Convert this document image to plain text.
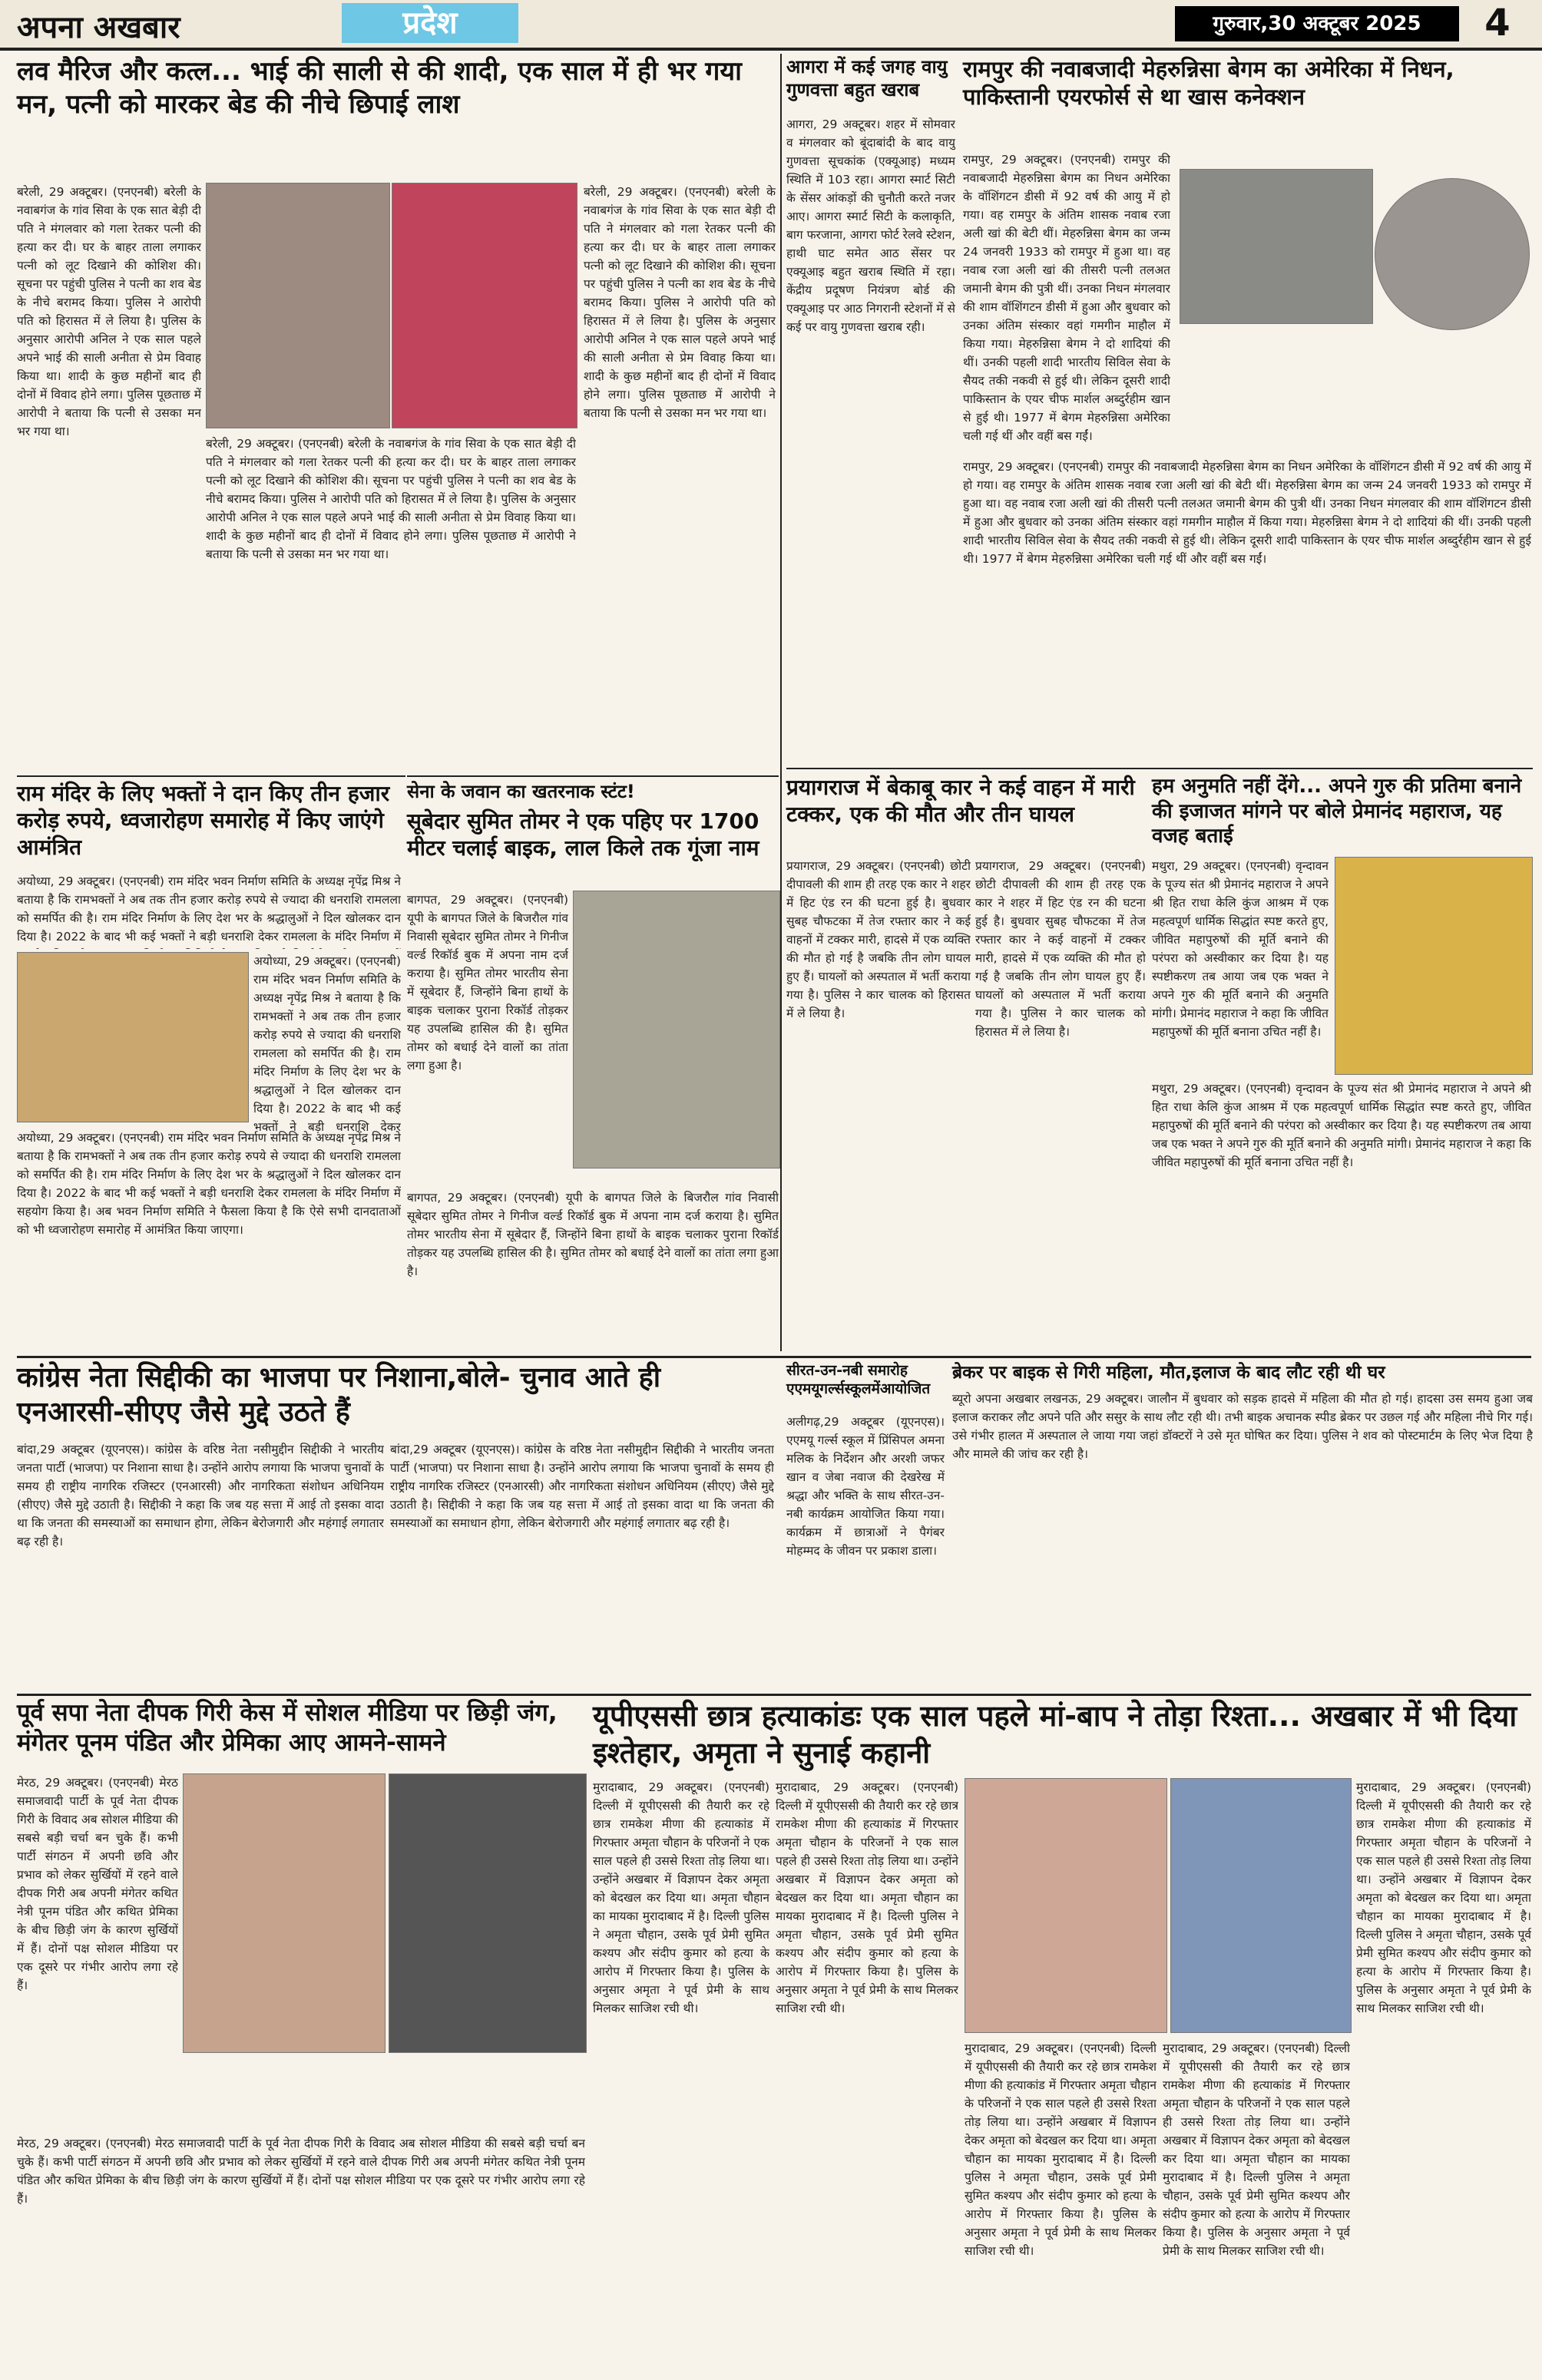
अपना अखबार	प्रदेश	गुरुवार,30 अक्टूबर 2025	4
लव मैरिज और कत्ल... भाई की साली से की शादी, एक साल में ही भर गया मन, पत्नी को मारकर बेड की नीचे छिपाई लाश
बरेली, 29 अक्टूबर। (एनएनबी) बरेली के नवाबगंज के गांव सिवा के एक सात बेड़ी दी पति ने मंगलवार को गला रेतकर पत्नी की हत्या कर दी। घर के बाहर ताला लगाकर पत्नी को लूट दिखाने की कोशिश की। सूचना पर पहुंची पुलिस ने पत्नी का शव बेड के नीचे बरामद किया। पुलिस ने आरोपी पति को हिरासत में ले लिया है। पुलिस के अनुसार आरोपी अनिल ने एक साल पहले अपने भाई की साली अनीता से प्रेम विवाह किया था। शादी के कुछ महीनों बाद ही दोनों में विवाद होने लगा। पुलिस पूछताछ में आरोपी ने बताया कि पत्नी से उसका मन भर गया था।
बरेली, 29 अक्टूबर। (एनएनबी) बरेली के नवाबगंज के गांव सिवा के एक सात बेड़ी दी पति ने मंगलवार को गला रेतकर पत्नी की हत्या कर दी। घर के बाहर ताला लगाकर पत्नी को लूट दिखाने की कोशिश की। सूचना पर पहुंची पुलिस ने पत्नी का शव बेड के नीचे बरामद किया। पुलिस ने आरोपी पति को हिरासत में ले लिया है। पुलिस के अनुसार आरोपी अनिल ने एक साल पहले अपने भाई की साली अनीता से प्रेम विवाह किया था। शादी के कुछ महीनों बाद ही दोनों में विवाद होने लगा। पुलिस पूछताछ में आरोपी ने बताया कि पत्नी से उसका मन भर गया था।
बरेली, 29 अक्टूबर। (एनएनबी) बरेली के नवाबगंज के गांव सिवा के एक सात बेड़ी दी पति ने मंगलवार को गला रेतकर पत्नी की हत्या कर दी। घर के बाहर ताला लगाकर पत्नी को लूट दिखाने की कोशिश की। सूचना पर पहुंची पुलिस ने पत्नी का शव बेड के नीचे बरामद किया। पुलिस ने आरोपी पति को हिरासत में ले लिया है। पुलिस के अनुसार आरोपी अनिल ने एक साल पहले अपने भाई की साली अनीता से प्रेम विवाह किया था। शादी के कुछ महीनों बाद ही दोनों में विवाद होने लगा। पुलिस पूछताछ में आरोपी ने बताया कि पत्नी से उसका मन भर गया था।
आगरा में कई जगह वायु गुणवत्ता बहुत खराब
आगरा, 29 अक्टूबर। शहर में सोमवार व मंगलवार को बूंदाबांदी के बाद वायु गुणवत्ता सूचकांक (एक्यूआइ) मध्यम स्थिति में 103 रहा। आगरा स्मार्ट सिटी के सेंसर आंकड़ों की चुनौती करते नजर आए। आगरा स्मार्ट सिटी के कलाकृति, बाग फरजाना, आगरा फोर्ट रेलवे स्टेशन, हाथी घाट समेत आठ सेंसर पर एक्यूआइ बहुत खराब स्थिति में रहा। केंद्रीय प्रदूषण नियंत्रण बोर्ड की एक्यूआइ पर आठ निगरानी स्टेशनों में से कई पर वायु गुणवत्ता खराब रही।
रामपुर की नवाबजादी मेहरुन्निसा बेगम का अमेरिका में निधन, पाकिस्तानी एयरफोर्स से था खास कनेक्शन
रामपुर, 29 अक्टूबर। (एनएनबी) रामपुर की नवाबजादी मेहरुन्निसा बेगम का निधन अमेरिका के वॉशिंगटन डीसी में 92 वर्ष की आयु में हो गया। वह रामपुर के अंतिम शासक नवाब रजा अली खां की बेटी थीं। मेहरुन्निसा बेगम का जन्म 24 जनवरी 1933 को रामपुर में हुआ था। वह नवाब रजा अली खां की तीसरी पत्नी तलअत जमानी बेगम की पुत्री थीं। उनका निधन मंगलवार की शाम वॉशिंगटन डीसी में हुआ और बुधवार को उनका अंतिम संस्कार वहां गमगीन माहौल में किया गया। मेहरुन्निसा बेगम ने दो शादियां की थीं। उनकी पहली शादी भारतीय सिविल सेवा के सैयद तकी नकवी से हुई थी। लेकिन दूसरी शादी पाकिस्तान के एयर चीफ मार्शल अब्दुर्रहीम खान से हुई थी। 1977 में बेगम मेहरुन्निसा अमेरिका चली गई थीं और वहीं बस गईं।
रामपुर, 29 अक्टूबर। (एनएनबी) रामपुर की नवाबजादी मेहरुन्निसा बेगम का निधन अमेरिका के वॉशिंगटन डीसी में 92 वर्ष की आयु में हो गया। वह रामपुर के अंतिम शासक नवाब रजा अली खां की बेटी थीं। मेहरुन्निसा बेगम का जन्म 24 जनवरी 1933 को रामपुर में हुआ था। वह नवाब रजा अली खां की तीसरी पत्नी तलअत जमानी बेगम की पुत्री थीं। उनका निधन मंगलवार की शाम वॉशिंगटन डीसी में हुआ और बुधवार को उनका अंतिम संस्कार वहां गमगीन माहौल में किया गया। मेहरुन्निसा बेगम ने दो शादियां की थीं। उनकी पहली शादी भारतीय सिविल सेवा के सैयद तकी नकवी से हुई थी। लेकिन दूसरी शादी पाकिस्तान के एयर चीफ मार्शल अब्दुर्रहीम खान से हुई थी। 1977 में बेगम मेहरुन्निसा अमेरिका चली गई थीं और वहीं बस गईं।
राम मंदिर के लिए भक्तों ने दान किए तीन हजार करोड़ रुपये, ध्वजारोहण समारोह में किए जाएंगे आमंत्रित
अयोध्या, 29 अक्टूबर। (एनएनबी) राम मंदिर भवन निर्माण समिति के अध्यक्ष नृपेंद्र मिश्र ने बताया है कि रामभक्तों ने अब तक तीन हजार करोड़ रुपये से ज्यादा की धनराशि रामलला को समर्पित की है। राम मंदिर निर्माण के लिए देश भर के श्रद्धालुओं ने दिल खोलकर दान दिया है। 2022 के बाद भी कई भक्तों ने बड़ी धनराशि देकर रामलला के मंदिर निर्माण में
अयोध्या, 29 अक्टूबर। (एनएनबी) राम मंदिर भवन निर्माण समिति के अध्यक्ष नृपेंद्र मिश्र ने बताया है कि रामभक्तों ने अब तक तीन हजार करोड़ रुपये से ज्यादा की धनराशि रामलला को समर्पित की है। राम मंदिर निर्माण के लिए देश भर के श्रद्धालुओं ने दिल खोलकर दान दिया है। 2022 के बाद भी कई भक्तों ने बड़ी धनराशि देकर
अयोध्या, 29 अक्टूबर। (एनएनबी) राम मंदिर भवन निर्माण समिति के अध्यक्ष नृपेंद्र मिश्र ने बताया है कि रामभक्तों ने अब तक तीन हजार करोड़ रुपये से ज्यादा की धनराशि रामलला को समर्पित की है। राम मंदिर निर्माण के लिए देश भर के श्रद्धालुओं ने दिल खोलकर दान दिया है। 2022 के बाद भी कई भक्तों ने बड़ी धनराशि देकर रामलला के मंदिर निर्माण में सहयोग किया है। अब भवन निर्माण समिति ने फैसला किया है कि ऐसे सभी दानदाताओं को भी ध्वजारोहण समारोह में आमंत्रित किया जाएगा।
सेना के जवान का खतरनाक स्टंट!
सूबेदार सुमित तोमर ने एक पहिए पर 1700 मीटर चलाई बाइक, लाल किले तक गूंजा नाम
बागपत, 29 अक्टूबर। (एनएनबी) यूपी के बागपत जिले के बिजरौल गांव निवासी सूबेदार सुमित तोमर ने गिनीज वर्ल्ड रिकॉर्ड बुक में अपना नाम दर्ज कराया है। सुमित तोमर भारतीय सेना में सूबेदार हैं, जिन्होंने बिना हाथों के बाइक चलाकर पुराना रिकॉर्ड तोड़कर यह उपलब्धि हासिल की है। सुमित तोमर को बधाई देने वालों का तांता लगा हुआ है।
बागपत, 29 अक्टूबर। (एनएनबी) यूपी के बागपत जिले के बिजरौल गांव निवासी सूबेदार सुमित तोमर ने गिनीज वर्ल्ड रिकॉर्ड बुक में अपना नाम दर्ज कराया है। सुमित तोमर भारतीय सेना में सूबेदार हैं, जिन्होंने बिना हाथों के बाइक चलाकर पुराना रिकॉर्ड तोड़कर यह उपलब्धि हासिल की है। सुमित तोमर को बधाई देने वालों का तांता लगा हुआ है।
प्रयागराज में बेकाबू कार ने कई वाहन में मारी टक्कर, एक की मौत और तीन घायल
प्रयागराज, 29 अक्टूबर। (एनएनबी) छोटी दीपावली की शाम ही तरह एक कार ने शहर में हिट एंड रन की घटना हुई है। बुधवार सुबह चौफटका में तेज रफ्तार कार ने कई वाहनों में टक्कर मारी, हादसे में एक व्यक्ति की मौत हो गई है जबकि तीन लोग घायल हुए हैं। घायलों को अस्पताल में भर्ती कराया गया है। पुलिस ने कार चालक को हिरासत में ले लिया है।
प्रयागराज, 29 अक्टूबर। (एनएनबी) छोटी दीपावली की शाम ही तरह एक कार ने शहर में हिट एंड रन की घटना हुई है। बुधवार सुबह चौफटका में तेज रफ्तार कार ने कई वाहनों में टक्कर मारी, हादसे में एक व्यक्ति की मौत हो गई है जबकि तीन लोग घायल हुए हैं। घायलों को अस्पताल में भर्ती कराया गया है। पुलिस ने कार चालक को हिरासत में ले लिया है।
हम अनुमति नहीं देंगे... अपने गुरु की प्रतिमा बनाने की इजाजत मांगने पर बोले प्रेमानंद महाराज, यह वजह बताई
मथुरा, 29 अक्टूबर। (एनएनबी) वृन्दावन के पूज्य संत श्री प्रेमानंद महाराज ने अपने श्री हित राधा केलि कुंज आश्रम में एक महत्वपूर्ण धार्मिक सिद्धांत स्पष्ट करते हुए, जीवित महापुरुषों की मूर्ति बनाने की परंपरा को अस्वीकार कर दिया है। यह स्पष्टीकरण तब आया जब एक भक्त ने अपने गुरु की मूर्ति बनाने की अनुमति मांगी। प्रेमानंद महाराज ने कहा कि जीवित महापुरुषों की मूर्ति बनाना उचित नहीं है।
मथुरा, 29 अक्टूबर। (एनएनबी) वृन्दावन के पूज्य संत श्री प्रेमानंद महाराज ने अपने श्री हित राधा केलि कुंज आश्रम में एक महत्वपूर्ण धार्मिक सिद्धांत स्पष्ट करते हुए, जीवित महापुरुषों की मूर्ति बनाने की परंपरा को अस्वीकार कर दिया है। यह स्पष्टीकरण तब आया जब एक भक्त ने अपने गुरु की मूर्ति बनाने की अनुमति मांगी। प्रेमानंद महाराज ने कहा कि जीवित महापुरुषों की मूर्ति बनाना उचित नहीं है।
कांग्रेस नेता सिद्दीकी का भाजपा पर निशाना,बोले- चुनाव आते ही एनआरसी-सीएए जैसे मुद्दे उठते हैं
बांदा,29 अक्टूबर (यूएनएस)। कांग्रेस के वरिष्ठ नेता नसीमुद्दीन सिद्दीकी ने भारतीय जनता पार्टी (भाजपा) पर निशाना साधा है। उन्होंने आरोप लगाया कि भाजपा चुनावों के समय ही राष्ट्रीय नागरिक रजिस्टर (एनआरसी) और नागरिकता संशोधन अधिनियम (सीएए) जैसे मुद्दे उठाती है। सिद्दीकी ने कहा कि जब यह सत्ता में आई तो इसका वादा था कि जनता की समस्याओं का समाधान होगा, लेकिन बेरोजगारी और महंगाई लगातार बढ़ रही है।
बांदा,29 अक्टूबर (यूएनएस)। कांग्रेस के वरिष्ठ नेता नसीमुद्दीन सिद्दीकी ने भारतीय जनता पार्टी (भाजपा) पर निशाना साधा है। उन्होंने आरोप लगाया कि भाजपा चुनावों के समय ही राष्ट्रीय नागरिक रजिस्टर (एनआरसी) और नागरिकता संशोधन अधिनियम (सीएए) जैसे मुद्दे उठाती है। सिद्दीकी ने कहा कि जब यह सत्ता में आई तो इसका वादा था कि जनता की समस्याओं का समाधान होगा, लेकिन बेरोजगारी और महंगाई लगातार बढ़ रही है।
सीरत-उन-नबी समारोह एएमयूगर्ल्सस्कूलमेंआयोजित
अलीगढ़,29 अक्टूबर (यूएनएस)। एएमयू गर्ल्स स्कूल में प्रिंसिपल अमना मलिक के निर्देशन और अरशी जफर खान व जेबा नवाज की देखरेख में श्रद्धा और भक्ति के साथ सीरत-उन-नबी कार्यक्रम आयोजित किया गया। कार्यक्रम में छात्राओं ने पैगंबर मोहम्मद के जीवन पर प्रकाश डाला।
ब्रेकर पर बाइक से गिरी महिला, मौत,इलाज के बाद लौट रही थी घर
ब्यूरो अपना अखबार लखनऊ, 29 अक्टूबर। जालौन में बुधवार को सड़क हादसे में महिला की मौत हो गई। हादसा उस समय हुआ जब इलाज कराकर लौट अपने पति और ससुर के साथ लौट रही थी। तभी बाइक अचानक स्पीड ब्रेकर पर उछल गई और महिला नीचे गिर गई। उसे गंभीर हालत में अस्पताल ले जाया गया जहां डॉक्टरों ने उसे मृत घोषित कर दिया। पुलिस ने शव को पोस्टमार्टम के लिए भेज दिया है और मामले की जांच कर रही है।
पूर्व सपा नेता दीपक गिरी केस में सोशल मीडिया पर छिड़ी जंग, मंगेतर पूनम पंडित और प्रेमिका आए आमने-सामने
मेरठ, 29 अक्टूबर। (एनएनबी) मेरठ समाजवादी पार्टी के पूर्व नेता दीपक गिरी के विवाद अब सोशल मीडिया की सबसे बड़ी चर्चा बन चुके हैं। कभी पार्टी संगठन में अपनी छवि और प्रभाव को लेकर सुर्खियों में रहने वाले दीपक गिरी अब अपनी मंगेतर कथित नेत्री पूनम पंडित और कथित प्रेमिका के बीच छिड़ी जंग के कारण सुर्खियों में हैं। दोनों पक्ष सोशल मीडिया पर एक दूसरे पर गंभीर आरोप लगा रहे हैं।
मेरठ, 29 अक्टूबर। (एनएनबी) मेरठ समाजवादी पार्टी के पूर्व नेता दीपक गिरी के विवाद अब सोशल मीडिया की सबसे बड़ी चर्चा बन चुके हैं। कभी पार्टी संगठन में अपनी छवि और प्रभाव को लेकर सुर्खियों में रहने वाले दीपक गिरी अब अपनी मंगेतर कथित नेत्री पूनम पंडित और कथित प्रेमिका के बीच छिड़ी जंग के कारण सुर्खियों में हैं। दोनों पक्ष सोशल मीडिया पर एक दूसरे पर गंभीर आरोप लगा रहे हैं।
यूपीएससी छात्र हत्याकांडः एक साल पहले मां-बाप ने तोड़ा रिश्ता... अखबार में भी दिया इश्तेहार, अमृता ने सुनाई कहानी
मुरादाबाद, 29 अक्टूबर। (एनएनबी) दिल्ली में यूपीएससी की तैयारी कर रहे छात्र रामकेश मीणा की हत्याकांड में गिरफ्तार अमृता चौहान के परिजनों ने एक साल पहले ही उससे रिश्ता तोड़ लिया था। उन्होंने अखबार में विज्ञापन देकर अमृता को बेदखल कर दिया था। अमृता चौहान का मायका मुरादाबाद में है। दिल्ली पुलिस ने अमृता चौहान, उसके पूर्व प्रेमी सुमित कश्यप और संदीप कुमार को हत्या के आरोप में गिरफ्तार किया है। पुलिस के अनुसार अमृता ने पूर्व प्रेमी के साथ मिलकर साजिश रची थी।
मुरादाबाद, 29 अक्टूबर। (एनएनबी) दिल्ली में यूपीएससी की तैयारी कर रहे छात्र रामकेश मीणा की हत्याकांड में गिरफ्तार अमृता चौहान के परिजनों ने एक साल पहले ही उससे रिश्ता तोड़ लिया था। उन्होंने अखबार में विज्ञापन देकर अमृता को बेदखल कर दिया था। अमृता चौहान का मायका मुरादाबाद में है। दिल्ली पुलिस ने अमृता चौहान, उसके पूर्व प्रेमी सुमित कश्यप और संदीप कुमार को हत्या के आरोप में गिरफ्तार किया है। पुलिस के अनुसार अमृता ने पूर्व प्रेमी के साथ मिलकर साजिश रची थी।
मुरादाबाद, 29 अक्टूबर। (एनएनबी) दिल्ली में यूपीएससी की तैयारी कर रहे छात्र रामकेश मीणा की हत्याकांड में गिरफ्तार अमृता चौहान के परिजनों ने एक साल पहले ही उससे रिश्ता तोड़ लिया था। उन्होंने अखबार में विज्ञापन देकर अमृता को बेदखल कर दिया था। अमृता चौहान का मायका मुरादाबाद में है। दिल्ली पुलिस ने अमृता चौहान, उसके पूर्व प्रेमी सुमित कश्यप और संदीप कुमार को हत्या के आरोप में गिरफ्तार किया है। पुलिस के अनुसार अमृता ने पूर्व प्रेमी के साथ मिलकर साजिश रची थी।
मुरादाबाद, 29 अक्टूबर। (एनएनबी) दिल्ली में यूपीएससी की तैयारी कर रहे छात्र रामकेश मीणा की हत्याकांड में गिरफ्तार अमृता चौहान के परिजनों ने एक साल पहले ही उससे रिश्ता तोड़ लिया था। उन्होंने अखबार में विज्ञापन देकर अमृता को बेदखल कर दिया था। अमृता चौहान का मायका मुरादाबाद में है। दिल्ली पुलिस ने अमृता चौहान, उसके पूर्व प्रेमी सुमित कश्यप और संदीप कुमार को हत्या के आरोप में गिरफ्तार किया है। पुलिस के अनुसार अमृता ने पूर्व प्रेमी के साथ मिलकर साजिश रची थी।
मुरादाबाद, 29 अक्टूबर। (एनएनबी) दिल्ली में यूपीएससी की तैयारी कर रहे छात्र रामकेश मीणा की हत्याकांड में गिरफ्तार अमृता चौहान के परिजनों ने एक साल पहले ही उससे रिश्ता तोड़ लिया था। उन्होंने अखबार में विज्ञापन देकर अमृता को बेदखल कर दिया था। अमृता चौहान का मायका मुरादाबाद में है। दिल्ली पुलिस ने अमृता चौहान, उसके पूर्व प्रेमी सुमित कश्यप और संदीप कुमार को हत्या के आरोप में गिरफ्तार किया है। पुलिस के अनुसार अमृता ने पूर्व प्रेमी के साथ मिलकर साजिश रची थी।
